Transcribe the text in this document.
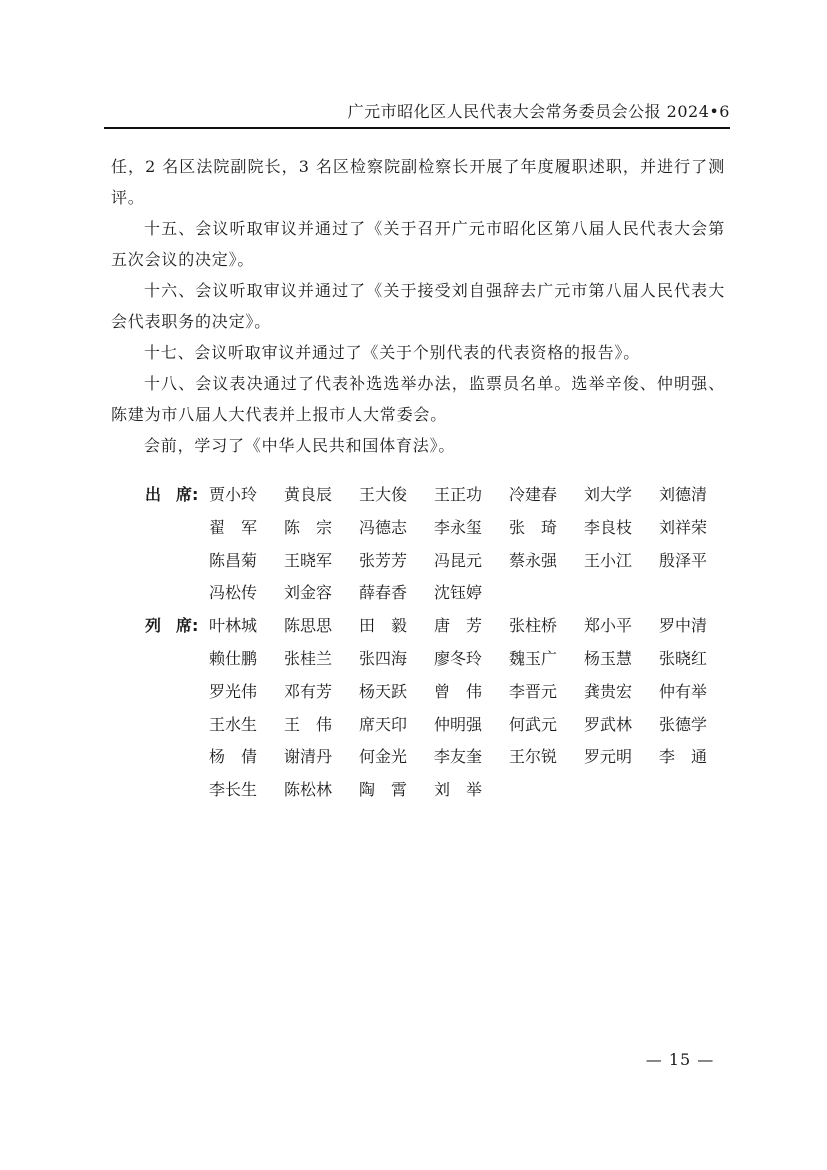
广元市昭化区人民代表大会常务委员会公报 2024•6

任，2 名区法院副院长，3 名区检察院副检察长开展了年度履职述职，并进行了测评。

十五、会议听取审议并通过了《关于召开广元市昭化区第八届人民代表大会第五次会议的决定》。

十六、会议听取审议并通过了《关于接受刘自强辞去广元市第八届人民代表大会代表职务的决定》。

十七、会议听取审议并通过了《关于个别代表的代表资格的报告》。

十八、会议表决通过了代表补选选举办法，监票员名单。选举辛俊、仲明强、陈建为市八届人大代表并上报市人大常委会。

会前，学习了《中华人民共和国体育法》。

出 席 : 贾小玲	黄良辰	王大俊	王正功	冷建春	刘大学	刘德清
翟　军	陈　宗	冯德志	李永玺	张　琦	李良枝	刘祥荣
陈昌菊	王晓军	张芳芳	冯昆元	蔡永强	王小江	殷泽平
冯松传	刘金容	薛春香	沈钰婷
列 席 : 叶林城	陈思思	田　毅	唐　芳	张柱桥	郑小平	罗中清
赖仕鹏	张桂兰	张四海	廖冬玲	魏玉广	杨玉慧	张晓红
罗光伟	邓有芳	杨天跃	曾　伟	李晋元	龚贵宏	仲有举
王水生	王　伟	席天印	仲明强	何武元	罗武林	张德学
杨　倩	谢清丹	何金光	李友奎	王尔锐	罗元明	李　通
李长生	陈松林	陶　霄	刘　举
— 15 —
